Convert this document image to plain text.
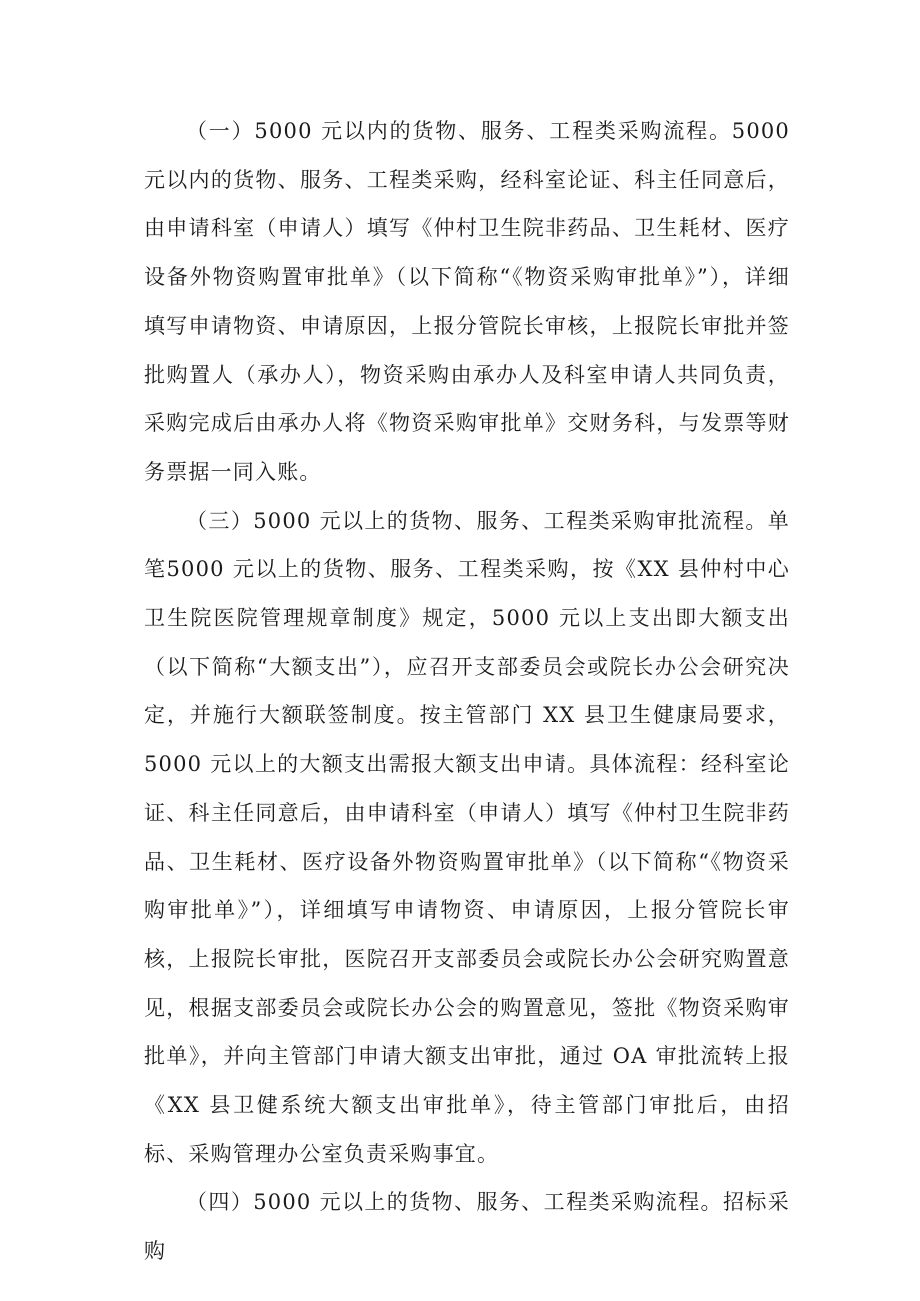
（一）5000 元以内的货物、服务、工程类采购流程。5000 元以内的货物、服务、工程类采购，经科室论证、科主任同意后，由申请科室（申请人）填写《仲村卫生院非药品、卫生耗材、医疗设备外物资购置审批单》（以下简称“《物资采购审批单》”），详细填写申请物资、申请原因，上报分管院长审核，上报院长审批并签批购置人（承办人），物资采购由承办人及科室申请人共同负责，采购完成后由承办人将《物资采购审批单》交财务科，与发票等财务票据一同入账。

（三）5000 元以上的货物、服务、工程类采购审批流程。单笔5000 元以上的货物、服务、工程类采购，按《XX 县仲村中心卫生院医院管理规章制度》规定，5000 元以上支出即大额支出（以下简称“大额支出”），应召开支部委员会或院长办公会研究决定，并施行大额联签制度。按主管部门 XX 县卫生健康局要求，5000 元以上的大额支出需报大额支出申请。具体流程：经科室论证、科主任同意后，由申请科室（申请人）填写《仲村卫生院非药品、卫生耗材、医疗设备外物资购置审批单》（以下简称“《物资采购审批单》”），详细填写申请物资、申请原因，上报分管院长审核，上报院长审批，医院召开支部委员会或院长办公会研究购置意见，根据支部委员会或院长办公会的购置意见，签批《物资采购审批单》，并向主管部门申请大额支出审批，通过 OA 审批流转上报《XX 县卫健系统大额支出审批单》，待主管部门审批后，由招标、采购管理办公室负责采购事宜。

（四）5000 元以上的货物、服务、工程类采购流程。招标采购
